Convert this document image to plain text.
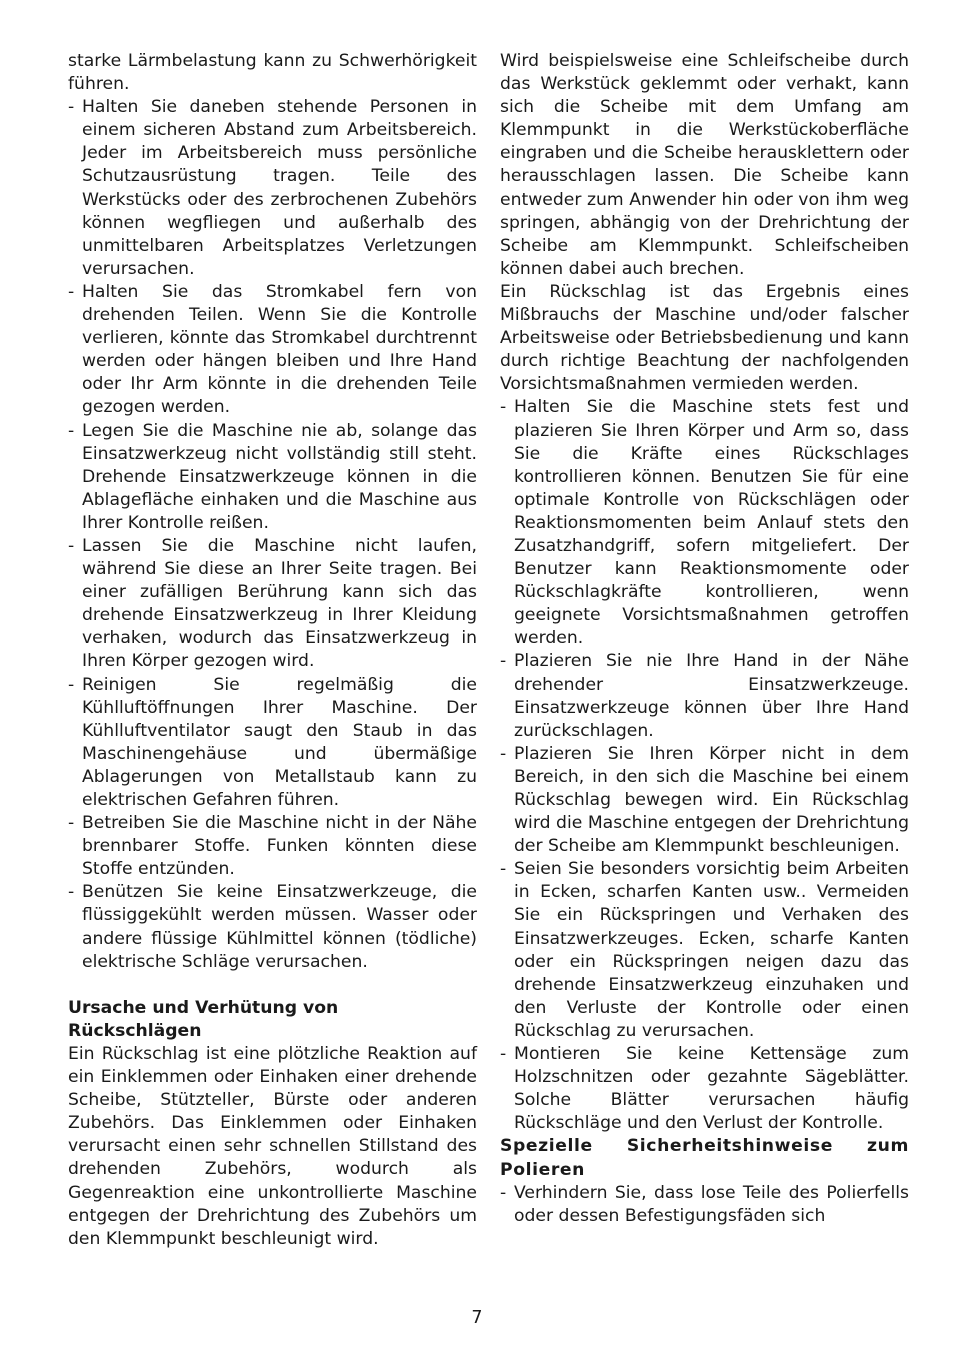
starke Lärmbelastung kann zu Schwerhörigkeit führen.

- Halten Sie daneben stehende Personen in einem sicheren Abstand zum Arbeitsbereich. Jeder im Arbeitsbereich muss persönliche Schutzausrüstung tragen. Teile des Werkstücks oder des zerbrochenen Zubehörs können wegfliegen und außerhalb des unmittelbaren Arbeitsplatzes Verletzungen verursachen.
- Halten Sie das Stromkabel fern von drehenden Teilen. Wenn Sie die Kontrolle verlieren, könnte das Stromkabel durchtrennt werden oder hängen bleiben und Ihre Hand oder Ihr Arm könnte in die drehenden Teile gezogen werden.
- Legen Sie die Maschine nie ab, solange das Einsatzwerkzeug nicht vollständig still steht. Drehende Einsatzwerkzeuge können in die Ablagefläche einhaken und die Maschine aus Ihrer Kontrolle reißen.
- Lassen Sie die Maschine nicht laufen, während Sie diese an Ihrer Seite tragen. Bei einer zufälligen Berührung kann sich das drehende Einsatzwerkzeug in Ihrer Kleidung verhaken, wodurch das Einsatzwerkzeug in Ihren Körper gezogen wird.
- Reinigen Sie regelmäßig die Kühlluftöffnungen Ihrer Maschine. Der Kühlluftventilator saugt den Staub in das Maschinengehäuse und übermäßige Ablagerungen von Metallstaub kann zu elektrischen Gefahren führen.
- Betreiben Sie die Maschine nicht in der Nähe brennbarer Stoffe. Funken könnten diese Stoffe entzünden.
- Benützen Sie keine Einsatzwerkzeuge, die flüssiggekühlt werden müssen. Wasser oder andere flüssige Kühlmittel können (tödliche) elektrische Schläge verursachen.
Ursache und Verhütung von Rückschlägen

Ein Rückschlag ist eine plötzliche Reaktion auf ein Einklemmen oder Einhaken einer drehende Scheibe, Stützteller, Bürste oder anderen Zubehörs. Das Einklemmen oder Einhaken verursacht einen sehr schnellen Stillstand des drehenden Zubehörs, wodurch als Gegenreaktion eine unkontrollierte Maschine entgegen der Drehrichtung des Zubehörs um den Klemmpunkt beschleunigt wird.

Wird beispielsweise eine Schleifscheibe durch das Werkstück geklemmt oder verhakt, kann sich die Scheibe mit dem Umfang am Klemmpunkt in die Werkstückoberfläche eingraben und die Scheibe herausklettern oder herausschlagen lassen. Die Scheibe kann entweder zum Anwender hin oder von ihm weg springen, abhängig von der Drehrichtung der Scheibe am Klemmpunkt. Schleifscheiben können dabei auch brechen.

Ein Rückschlag ist das Ergebnis eines Mißbrauchs der Maschine und/oder falscher Arbeitsweise oder Betriebsbedienung und kann durch richtige Beachtung der nachfolgenden Vorsichtsmaßnahmen vermieden werden.

- Halten Sie die Maschine stets fest und plazieren Sie Ihren Körper und Arm so, dass Sie die Kräfte eines Rückschlages kontrollieren können. Benutzen Sie für eine optimale Kontrolle von Rückschlägen oder Reaktionsmomenten beim Anlauf stets den Zusatzhandgriff, sofern mitgeliefert. Der Benutzer kann Reaktionsmomente oder Rückschlagkräfte kontrollieren, wenn geeignete Vorsichtsmaßnahmen getroffen werden.
- Plazieren Sie nie Ihre Hand in der Nähe drehender Einsatzwerkzeuge. Einsatzwerkzeuge können über Ihre Hand zurückschlagen.
- Plazieren Sie Ihren Körper nicht in dem Bereich, in den sich die Maschine bei einem Rückschlag bewegen wird. Ein Rückschlag wird die Maschine entgegen der Drehrichtung der Scheibe am Klemmpunkt beschleunigen.
- Seien Sie besonders vorsichtig beim Arbeiten in Ecken, scharfen Kanten usw.. Vermeiden Sie ein Rückspringen und Verhaken des Einsatzwerkzeuges. Ecken, scharfe Kanten oder ein Rückspringen neigen dazu das drehende Einsatzwerkzeug einzuhaken und den Verluste der Kontrolle oder einen Rückschlag zu verursachen.
- Montieren Sie keine Kettensäge zum Holzschnitzen oder gezahnte Sägeblätter. Solche Blätter verursachen häufig Rückschläge und den Verlust der Kontrolle.
Spezielle Sicherheitshinweise zum Polieren
- Verhindern Sie, dass lose Teile des Polierfells oder dessen Befestigungsfäden sich
7
